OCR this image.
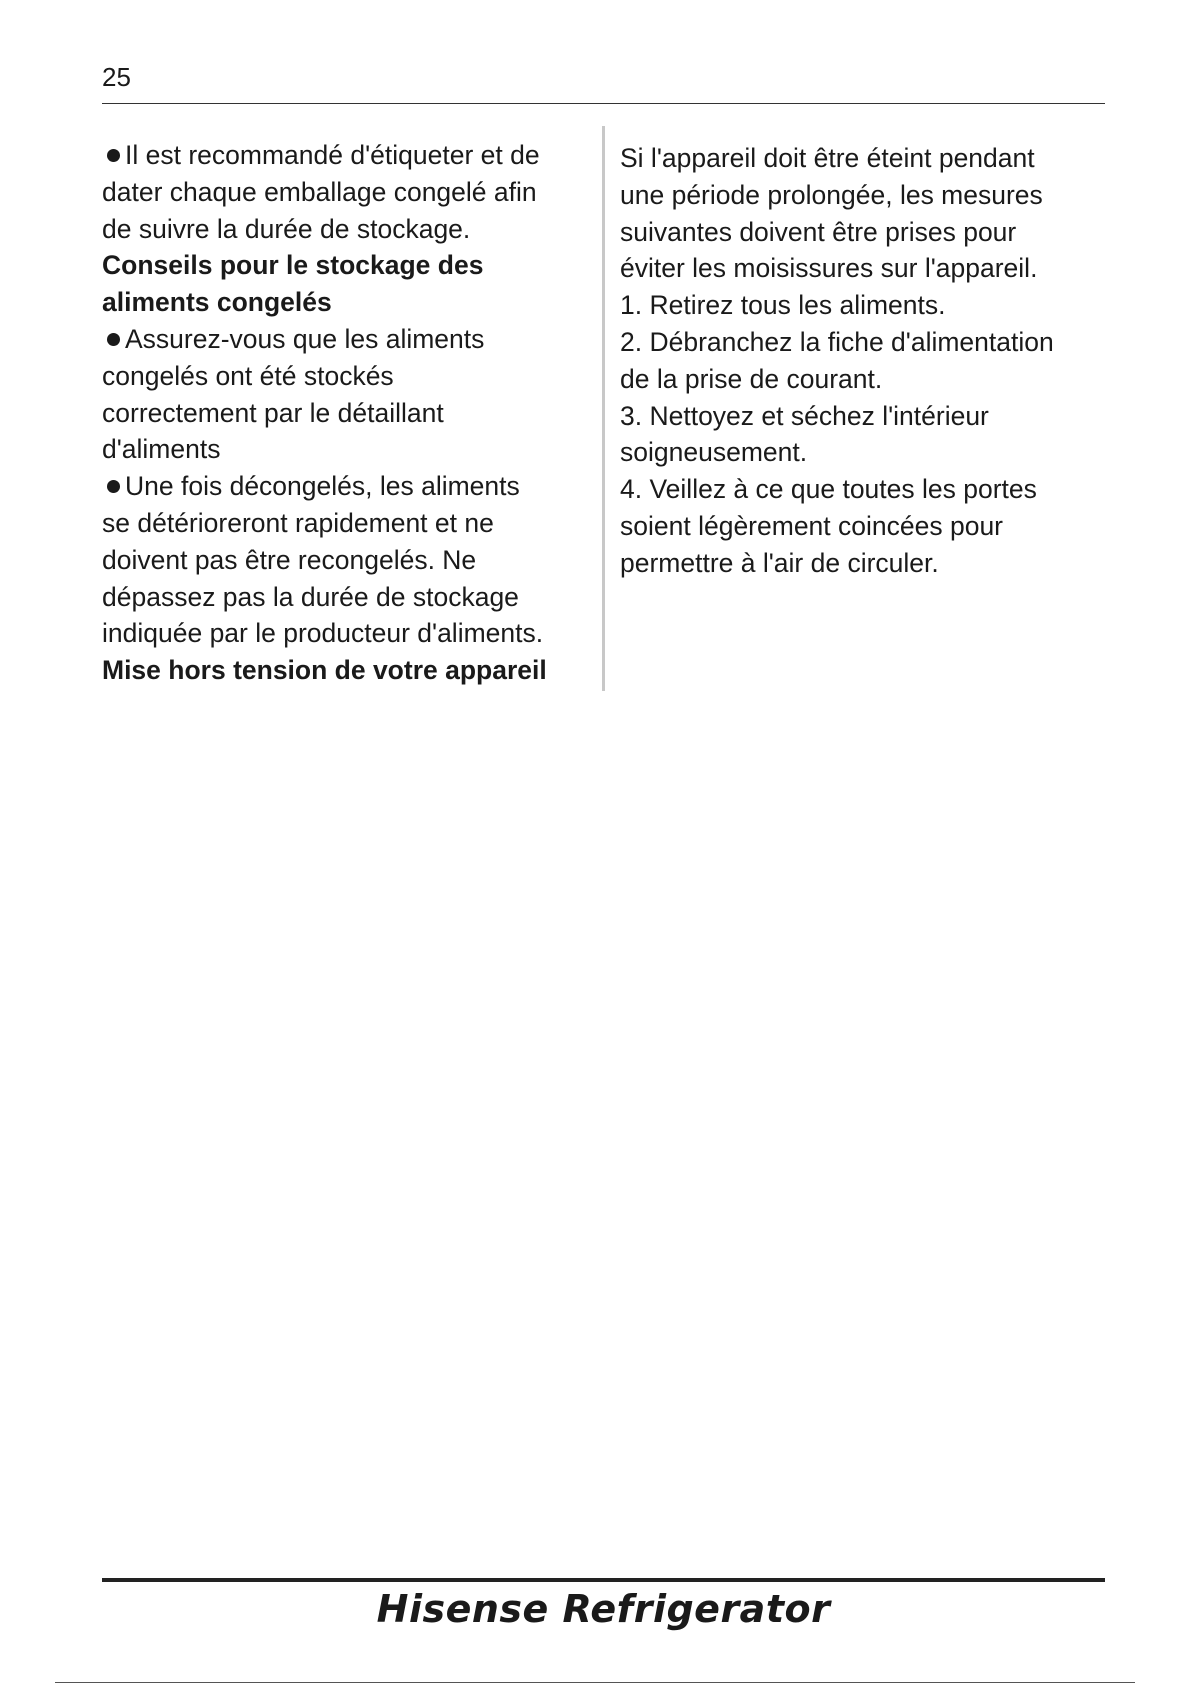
25
Il est recommandé d'étiqueter et de
dater chaque emballage congelé afin
de suivre la durée de stockage.
Conseils pour le stockage des
aliments congelés
Assurez-vous que les aliments
congelés ont été stockés
correctement par le détaillant
d'aliments
Une fois décongelés, les aliments
se détérioreront rapidement et ne
doivent pas être recongelés. Ne
dépassez pas la durée de stockage
indiquée par le producteur d'aliments.
Mise hors tension de votre appareil
Si l'appareil doit être éteint pendant
une période prolongée, les mesures
suivantes doivent être prises pour
éviter les moisissures sur l'appareil.
1. Retirez tous les aliments.
2. Débranchez la fiche d'alimentation
de la prise de courant.
3. Nettoyez et séchez l'intérieur
soigneusement.
4. Veillez à ce que toutes les portes
soient légèrement coincées pour
permettre à l'air de circuler.
Hisense Refrigerator
